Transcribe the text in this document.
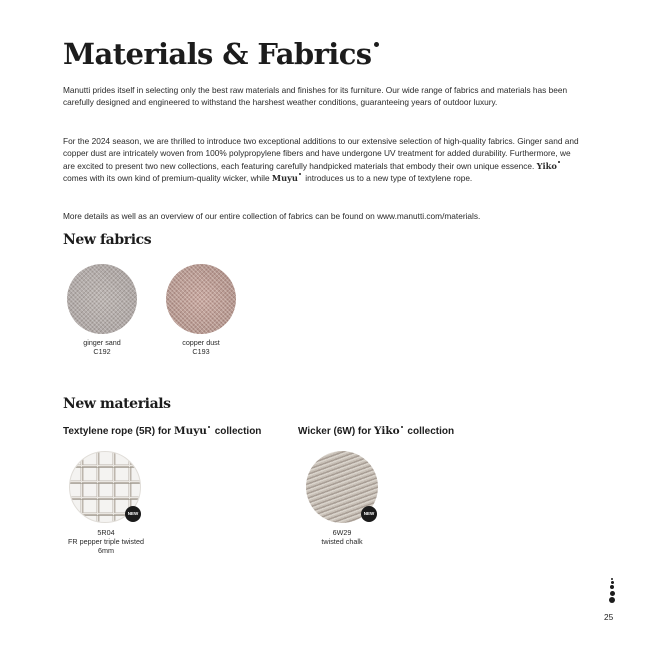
Materials & Fabrics

Manutti prides itself in selecting only the best raw materials and finishes for its furniture. Our wide range of fabrics and materials has been carefully designed and engineered to withstand the harshest weather conditions, guaranteeing years of outdoor luxury.

For the 2024 season, we are thrilled to introduce two exceptional additions to our extensive selection of high-quality fabrics. Ginger sand and copper dust are intricately woven from 100% polypropylene fibers and have undergone UV treatment for added durability. Furthermore, we are excited to present two new collections, each featuring carefully handpicked materials that embody their own unique essence. Yiko comes with its own kind of premium-quality wicker, while Muyu introduces us to a new type of textylene rope.

More details as well as an overview of our entire collection of fabrics can be found on www.manutti.com/materials.

New fabrics

ginger sand
C192

copper dust
C193

New materials

Textylene rope (5R) for Muyu collection	Wicker (6W) for Yiko collection

NEW

5R04
FR pepper triple twisted
6mm

NEW

6W29
twisted chalk

25
